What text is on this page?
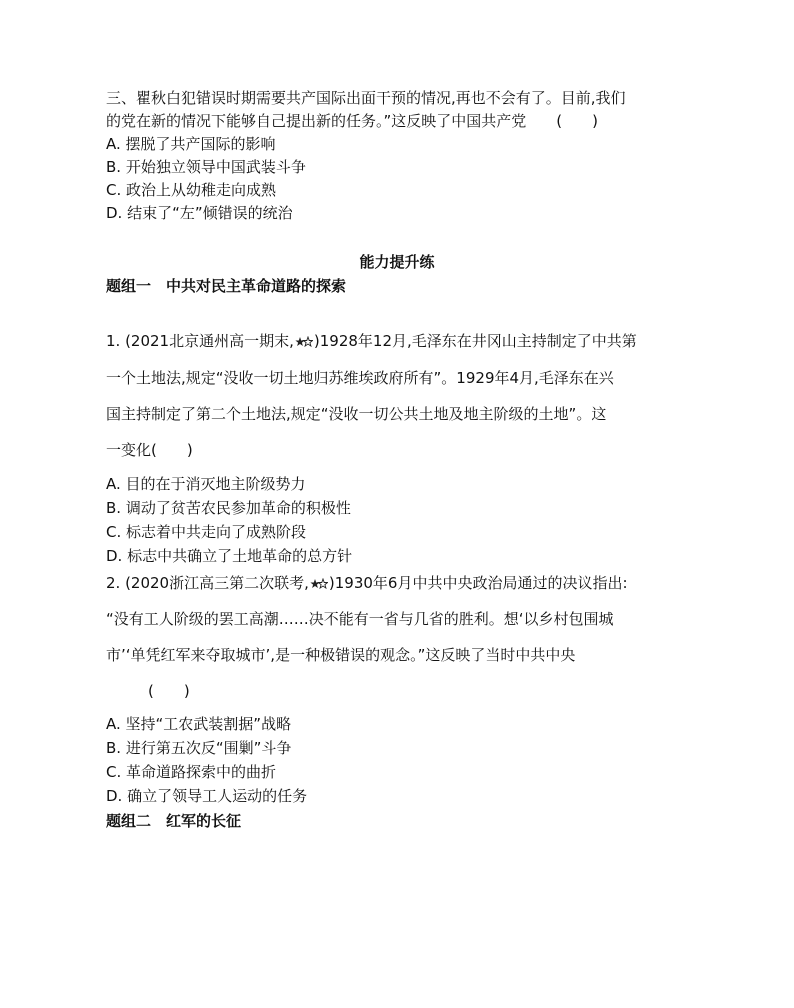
三、瞿秋白犯错误时期需要共产国际出面干预的情况,再也不会有了。目前,我们
的党在新的情况下能够自己提出新的任务。”这反映了中国共产党　　(　　)
A. 摆脱了共产国际的影响
B. 开始独立领导中国武装斗争
C. 政治上从幼稚走向成熟
D. 结束了“左”倾错误的统治
能力提升练
题组一　中共对民主革命道路的探索
1. (2021北京通州高一期末, )1928年12月,毛泽东在井冈山主持制定了中共第
一个土地法,规定“没收一切土地归苏维埃政府所有”。1929年4月,毛泽东在兴
国主持制定了第二个土地法,规定“没收一切公共土地及地主阶级的土地”。这
一变化(　　)
A. 目的在于消灭地主阶级势力
B. 调动了贫苦农民参加革命的积极性
C. 标志着中共走向了成熟阶段
D. 标志中共确立了土地革命的总方针
2. (2020浙江高三第二次联考, )1930年6月中共中央政治局通过的决议指出:
“没有工人阶级的罢工高潮……决不能有一省与几省的胜利。想‘以乡村包围城
市’‘单凭红军来夺取城市’,是一种极错误的观念。”这反映了当时中共中央
(　　)
A. 坚持“工农武装割据”战略
B. 进行第五次反“围剿”斗争
C. 革命道路探索中的曲折
D. 确立了领导工人运动的任务
题组二　红军的长征
